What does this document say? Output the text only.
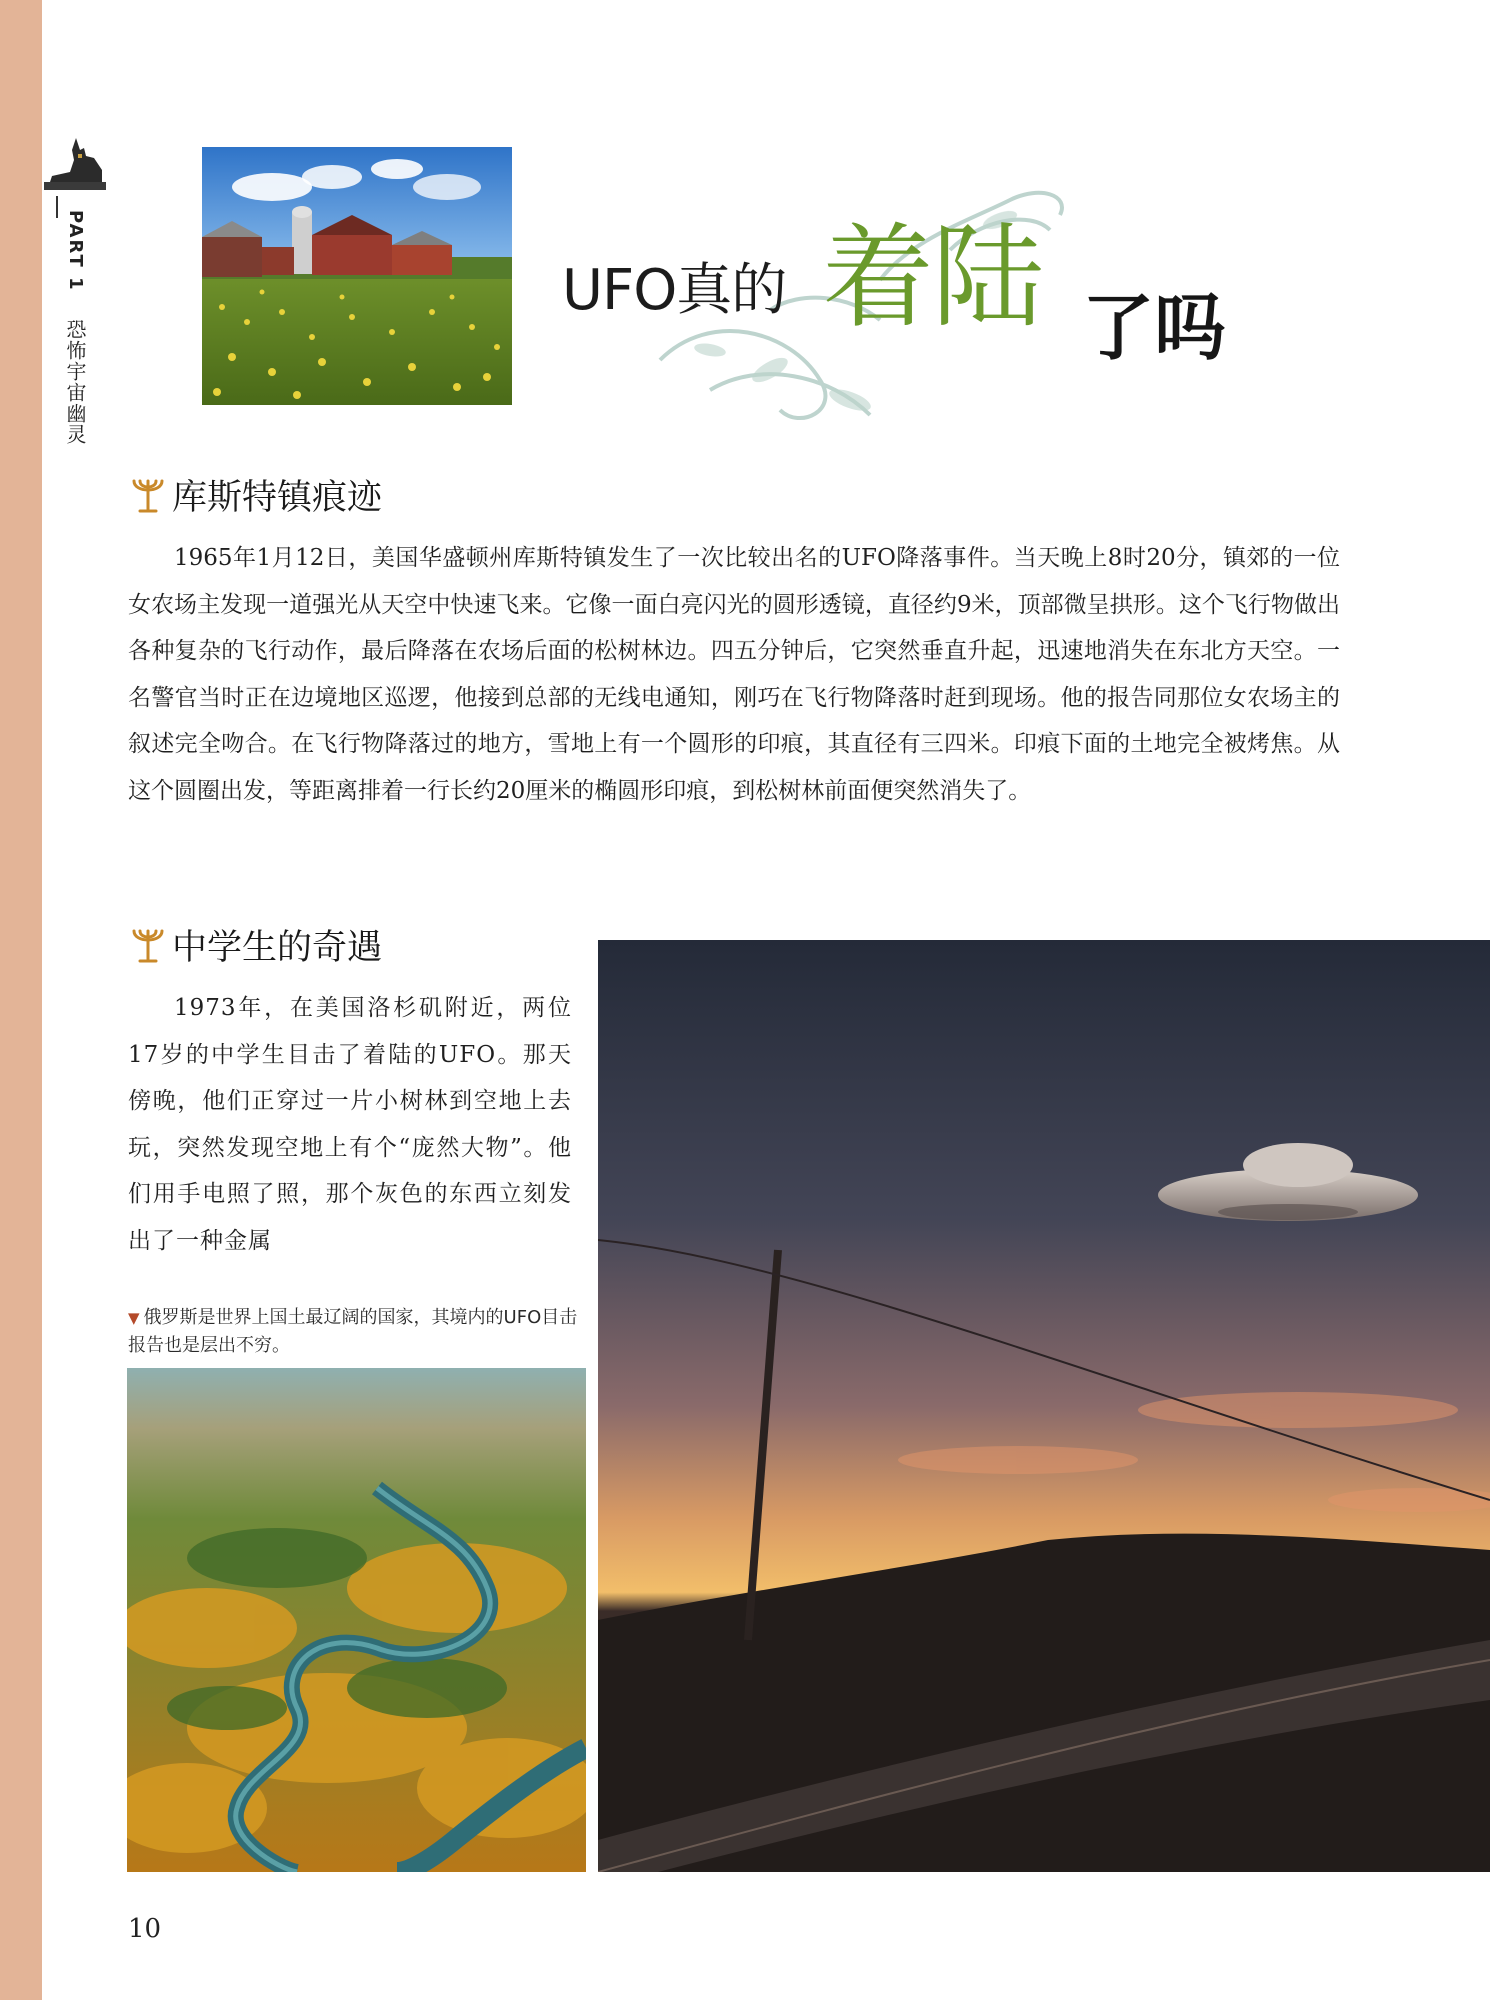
PART 1 恐怖宇宙幽灵
UFO真的 着陆 了吗
库斯特镇痕迹

1965年1月12日，美国华盛顿州库斯特镇发生了一次比较出名的UFO降落事件。当天晚上8时20分，镇郊的一位女农场主发现一道强光从天空中快速飞来。它像一面白亮闪光的圆形透镜，直径约9米，顶部微呈拱形。这个飞行物做出各种复杂的飞行动作，最后降落在农场后面的松树林边。四五分钟后，它突然垂直升起，迅速地消失在东北方天空。一名警官当时正在边境地区巡逻，他接到总部的无线电通知，刚巧在飞行物降落时赶到现场。他的报告同那位女农场主的叙述完全吻合。在飞行物降落过的地方，雪地上有一个圆形的印痕，其直径有三四米。印痕下面的土地完全被烤焦。从这个圆圈出发，等距离排着一行长约20厘米的椭圆形印痕，到松树林前面便突然消失了。

中学生的奇遇

1973年，在美国洛杉矶附近，两位17岁的中学生目击了着陆的UFO。那天傍晚，他们正穿过一片小树林到空地上去玩，突然发现空地上有个“庞然大物”。他们用手电照了照，那个灰色的东西立刻发出了一种金属

▼ 俄罗斯是世界上国土最辽阔的国家，其境内的UFO目击报告也是层出不穷。
10
